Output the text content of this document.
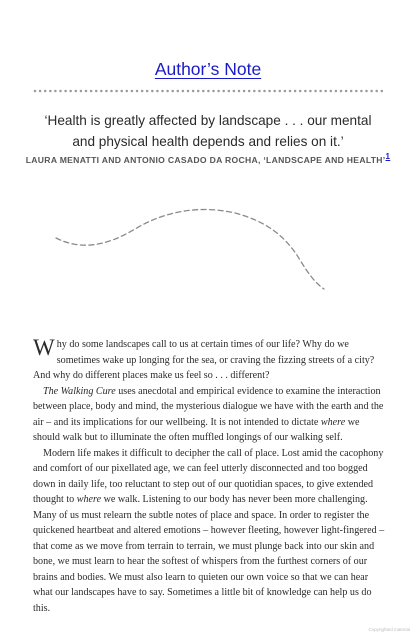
Author’s Note
‘Health is greatly affected by landscape . . . our mental and physical health depends and relies on it.’
LAURA MENATTI AND ANTONIO CASADO DA ROCHA, ‘LANDSCAPE AND HEALTH’1

Why do some landscapes call to us at certain times of our life? Why do we sometimes wake up longing for the sea, or craving the fizzing streets of a city? And why do different places make us feel so . . . different?

The Walking Cure uses anecdotal and empirical evidence to examine the interaction between place, body and mind, the mysterious dialogue we have with the earth and the air – and its implications for our wellbeing. It is not intended to dictate where we should walk but to illuminate the often muffled longings of our walking self.

Modern life makes it difficult to decipher the call of place. Lost amid the cacophony and comfort of our pixellated age, we can feel utterly disconnected and too bogged down in daily life, too reluctant to step out of our quotidian spaces, to give extended thought to where we walk. Listening to our body has never been more challenging. Many of us must relearn the subtle notes of place and space. In order to register the quickened heartbeat and altered emotions – however fleeting, however light-fingered – that come as we move from terrain to terrain, we must plunge back into our skin and bone, we must learn to hear the softest of whispers from the furthest corners of our brains and bodies. We must also learn to quieten our own voice so that we can hear what our landscapes have to say. Sometimes a little bit of knowledge can help us do this.

Copyrighted material
